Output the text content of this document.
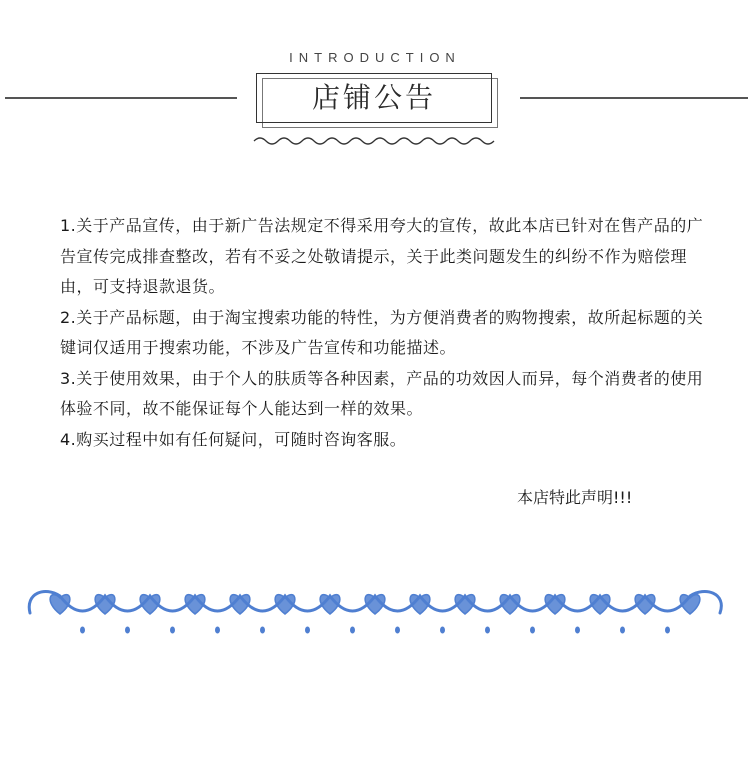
INTRODUCTION
店铺公告

1.关于产品宣传，由于新广告法规定不得采用夸大的宣传，故此本店已针对在售产品的广告宣传完成排查整改，若有不妥之处敬请提示，关于此类问题发生的纠纷不作为赔偿理由，可支持退款退货。

2.关于产品标题，由于淘宝搜索功能的特性，为方便消费者的购物搜索，故所起标题的关键词仅适用于搜索功能，不涉及广告宣传和功能描述。

3.关于使用效果，由于个人的肤质等各种因素，产品的功效因人而异，每个消费者的使用体验不同，故不能保证每个人能达到一样的效果。

4.购买过程中如有任何疑问，可随时咨询客服。

本店特此声明!!!
